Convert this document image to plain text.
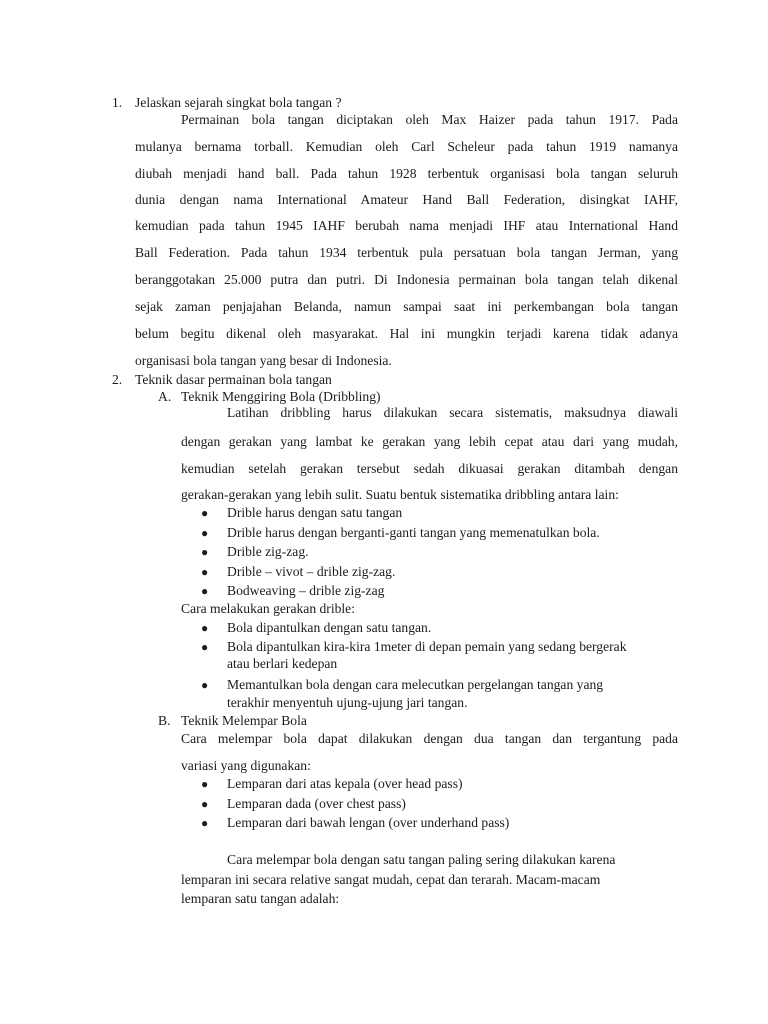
1. Jelaskan sejarah singkat bola tangan ?
Permainan bola tangan diciptakan oleh Max Haizer pada tahun 1917. Pada
mulanya bernama torball. Kemudian oleh Carl Scheleur pada tahun 1919 namanya
diubah menjadi hand ball. Pada tahun 1928 terbentuk organisasi bola tangan seluruh
dunia dengan nama International Amateur Hand Ball Federation, disingkat IAHF,
kemudian pada tahun 1945 IAHF berubah nama menjadi IHF atau International Hand
Ball Federation. Pada tahun 1934 terbentuk pula persatuan bola tangan Jerman, yang
beranggotakan 25.000 putra dan putri. Di Indonesia permainan bola tangan telah dikenal
sejak zaman penjajahan Belanda, namun sampai saat ini perkembangan bola tangan
belum begitu dikenal oleh masyarakat. Hal ini mungkin terjadi karena tidak adanya
organisasi bola tangan yang besar di Indonesia.
2. Teknik dasar permainan bola tangan
A. Teknik Menggiring Bola (Dribbling)
Latihan dribbling harus dilakukan secara sistematis, maksudnya diawali
dengan gerakan yang lambat ke gerakan yang lebih cepat atau dari yang mudah,
kemudian setelah gerakan tersebut sedah dikuasai gerakan ditambah dengan
gerakan-gerakan yang lebih sulit. Suatu bentuk sistematika dribbling antara lain:
● Drible harus dengan satu tangan
● Drible harus dengan berganti-ganti tangan yang memenatulkan bola.
● Drible zig-zag.
● Drible – vivot – drible zig-zag.
● Bodweaving – drible zig-zag
Cara melakukan gerakan drible:
● Bola dipantulkan dengan satu tangan.
● Bola dipantulkan kira-kira 1meter di depan pemain yang sedang bergerak
atau berlari kedepan
● Memantulkan bola dengan cara melecutkan pergelangan tangan yang
terakhir menyentuh ujung-ujung jari tangan.
B. Teknik Melempar Bola
Cara melempar bola dapat dilakukan dengan dua tangan dan tergantung pada
variasi yang digunakan:
● Lemparan dari atas kepala (over head pass)
● Lemparan dada (over chest pass)
● Lemparan dari bawah lengan (over underhand pass)
Cara melempar bola dengan satu tangan paling sering dilakukan karena
lemparan ini secara relative sangat mudah, cepat dan terarah. Macam-macam
lemparan satu tangan adalah:
